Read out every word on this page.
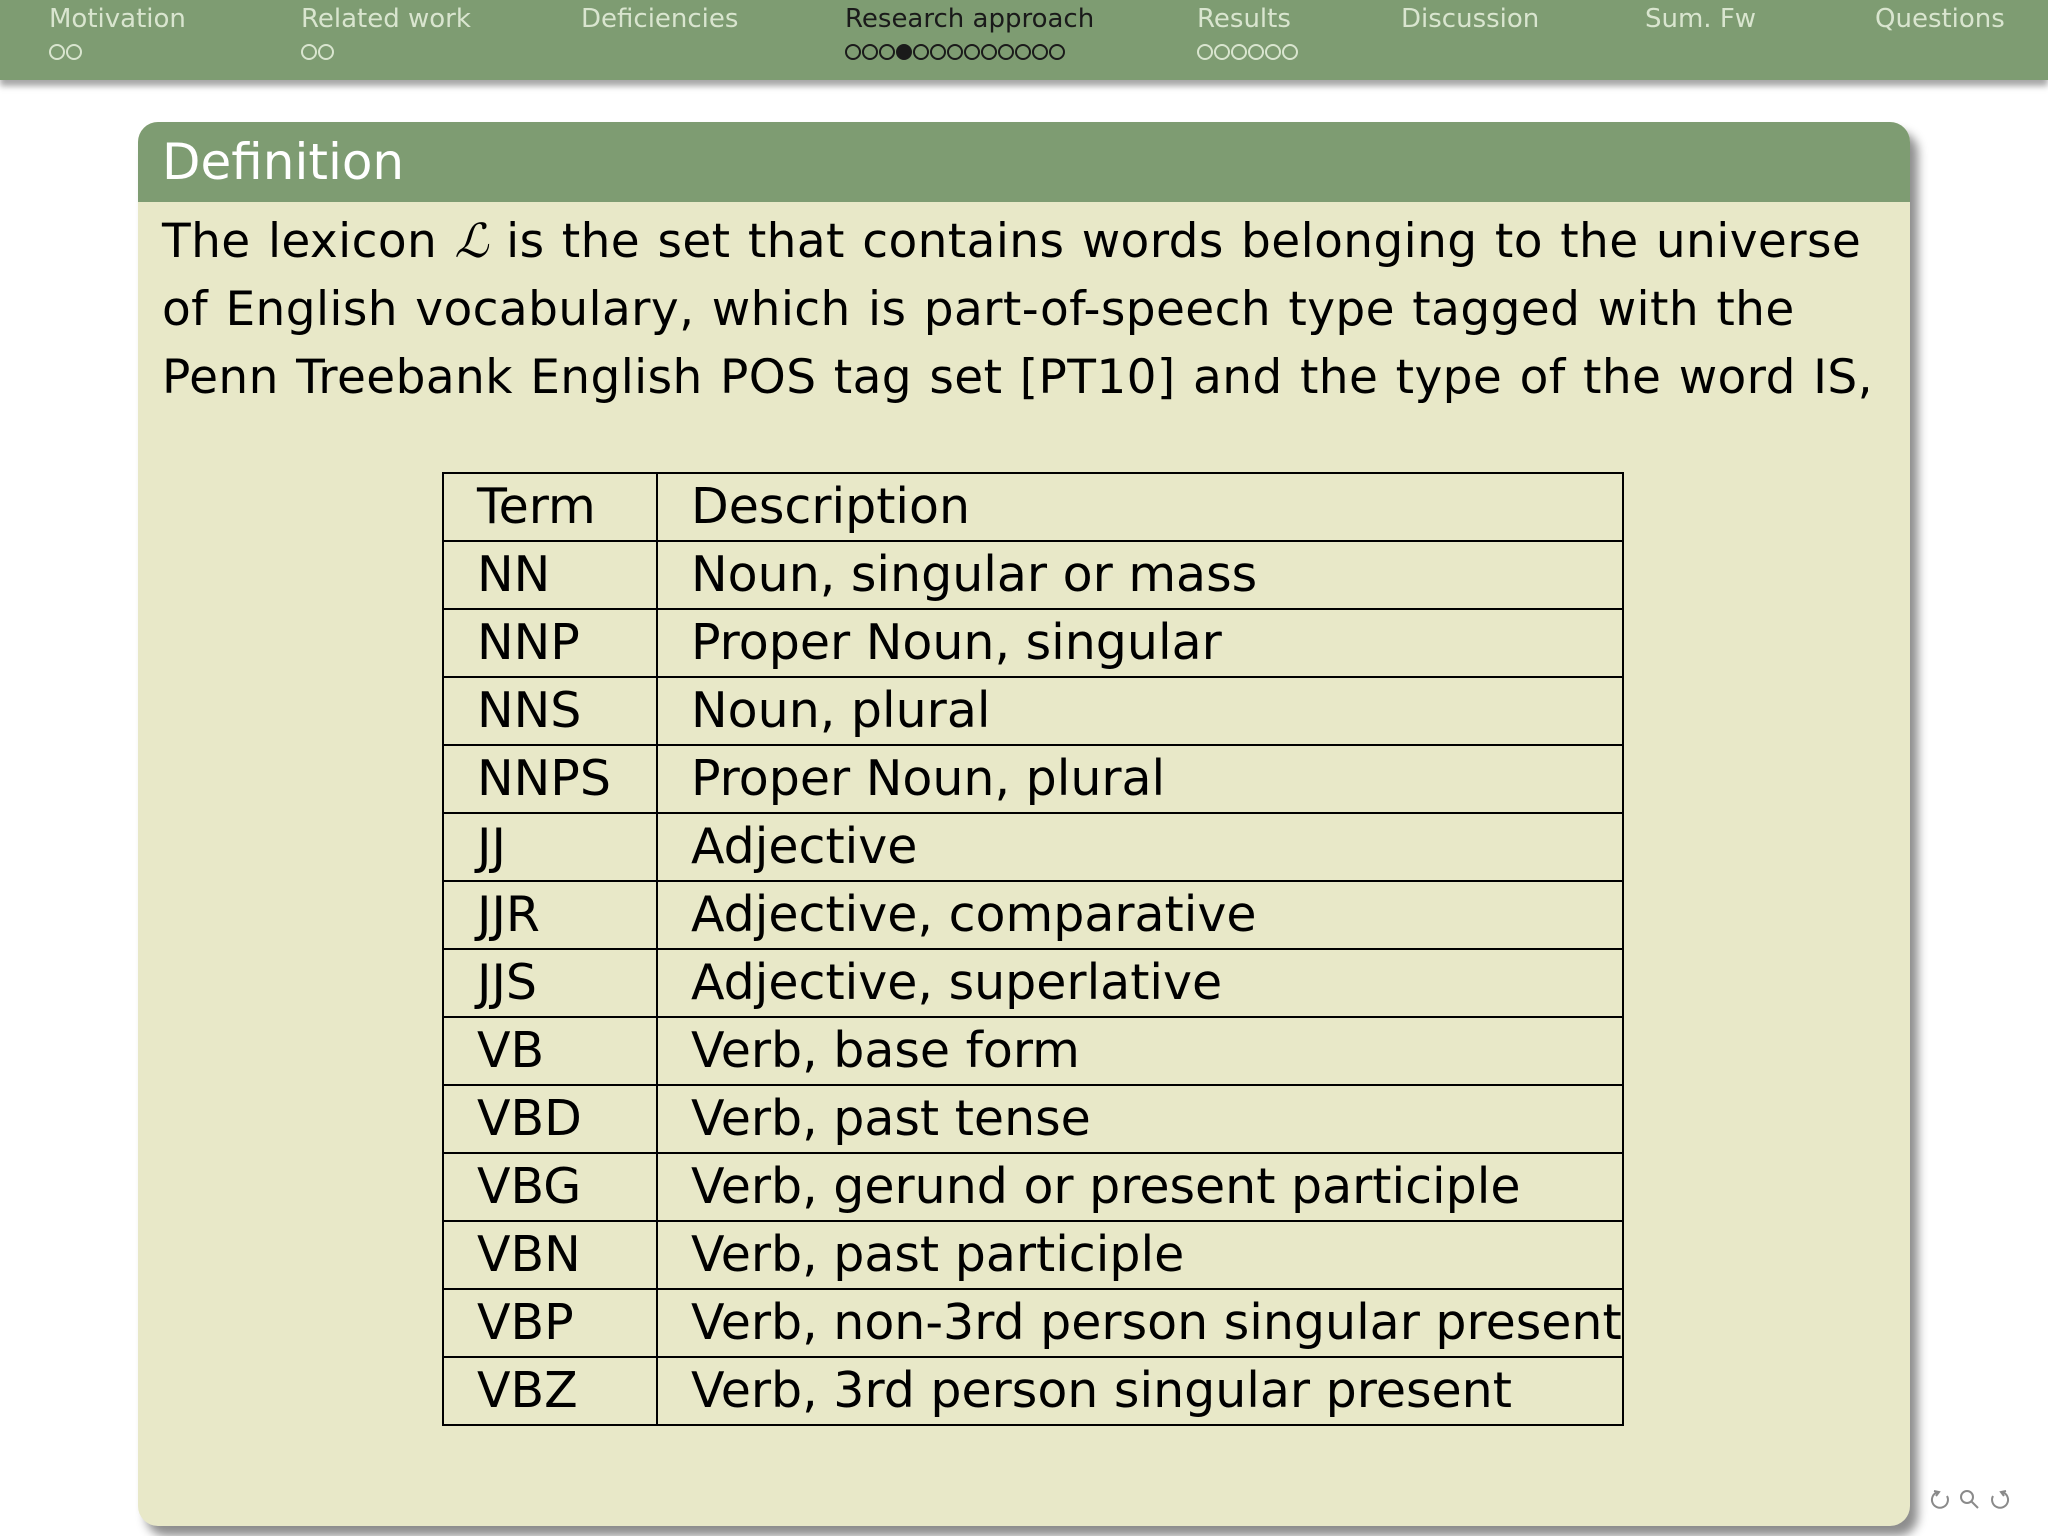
Motivation	Related work	Deficiencies	Research approach	Results	Discussion	Sum. Fw	Questions
Definition
The lexicon ℒ is the set that contains words belonging to the universe of English vocabulary, which is part-of-speech type tagged with the Penn Treebank English POS tag set [PT10] and the type of the word IS,
Term	Description
NN	Noun, singular or mass
NNP	Proper Noun, singular
NNS	Noun, plural
NNPS	Proper Noun, plural
JJ	Adjective
JJR	Adjective, comparative
JJS	Adjective, superlative
VB	Verb, base form
VBD	Verb, past tense
VBG	Verb, gerund or present participle
VBN	Verb, past participle
VBP	Verb, non-3rd person singular present
VBZ	Verb, 3rd person singular present
